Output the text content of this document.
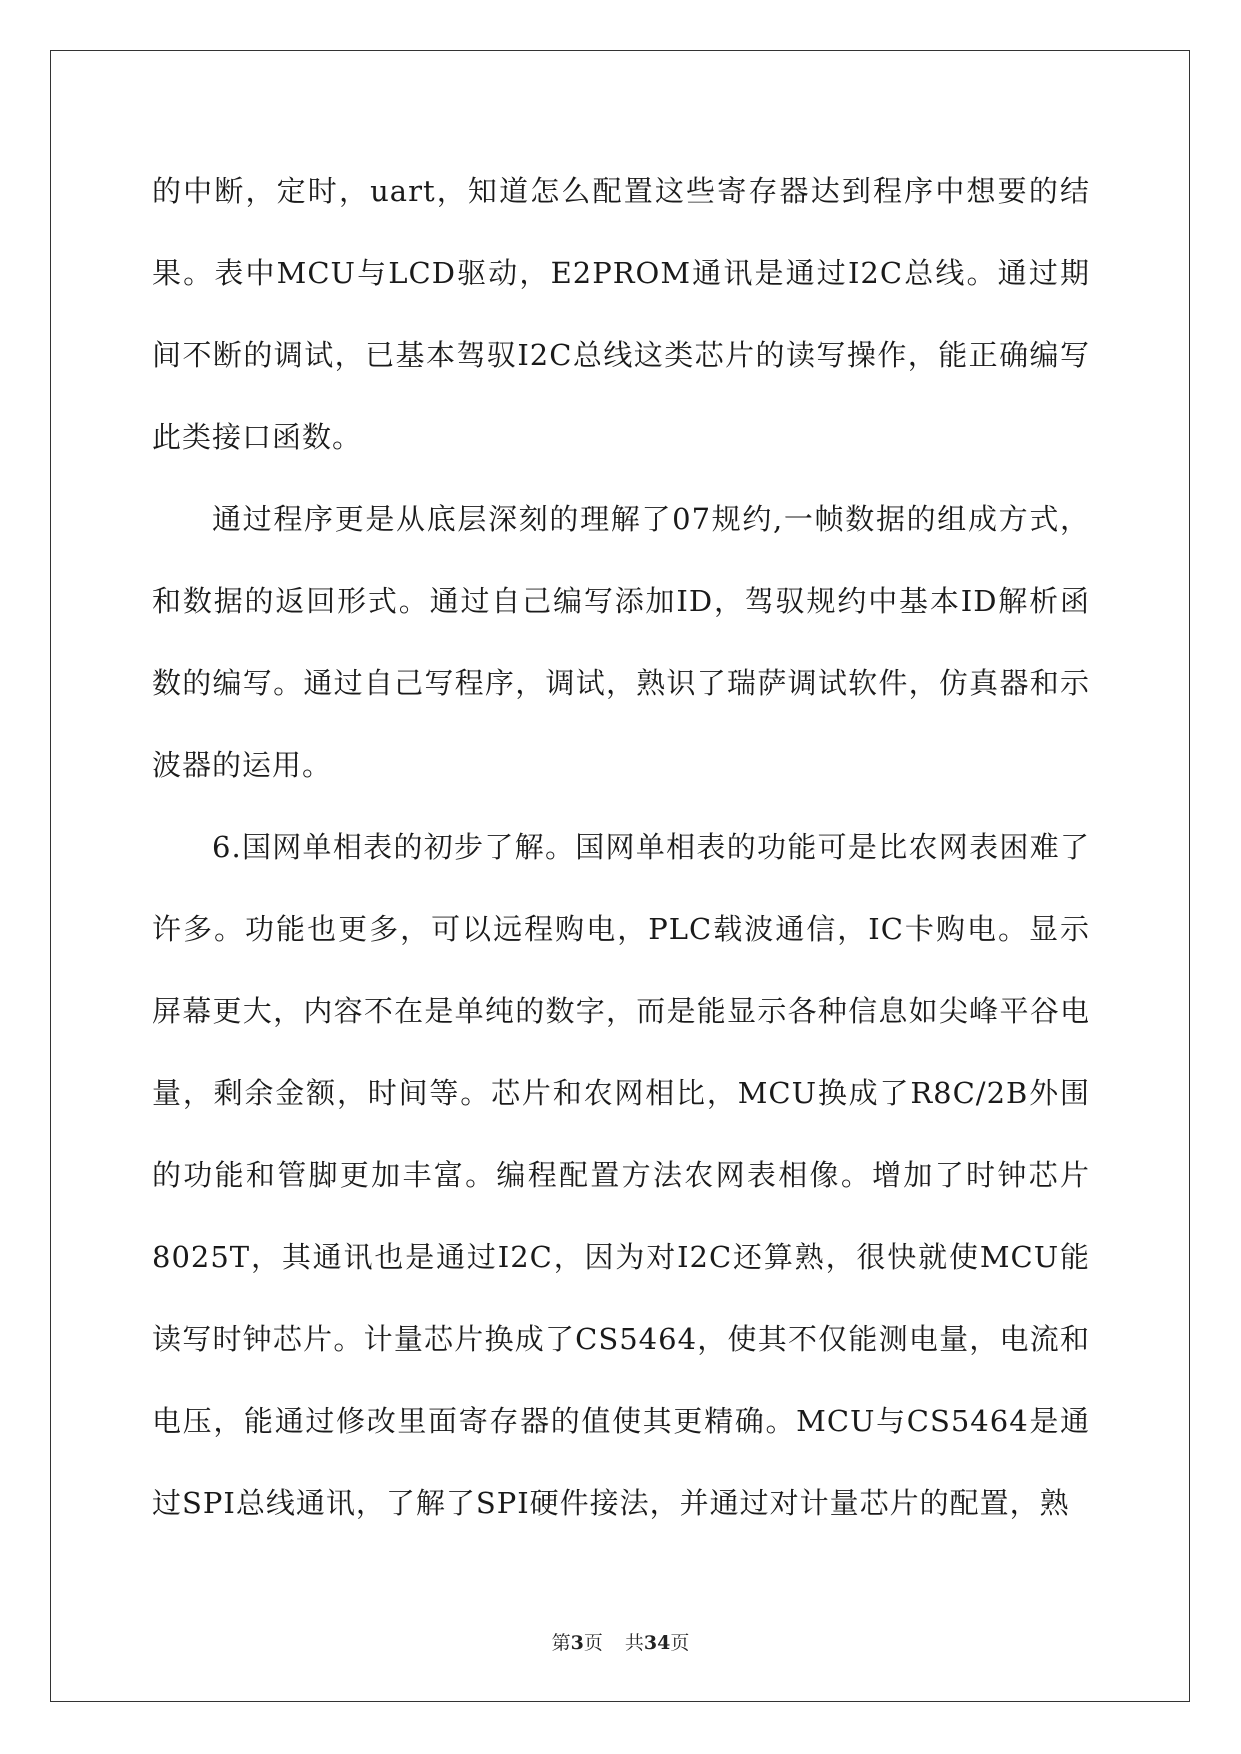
的中断，定时，uart，知道怎么配置这些寄存器达到程序中想要的结果。表中MCU与LCD驱动，E2PROM通讯是通过I2C总线。通过期间不断的调试，已基本驾驭I2C总线这类芯片的读写操作，能正确编写此类接口函数。

通过程序更是从底层深刻的理解了07规约,一帧数据的组成方式，和数据的返回形式。通过自己编写添加ID，驾驭规约中基本ID解析函数的编写。通过自己写程序，调试，熟识了瑞萨调试软件，仿真器和示波器的运用。

6.国网单相表的初步了解。国网单相表的功能可是比农网表困难了许多。功能也更多，可以远程购电，PLC载波通信，IC卡购电。显示屏幕更大，内容不在是单纯的数字，而是能显示各种信息如尖峰平谷电量，剩余金额，时间等。芯片和农网相比，MCU换成了R8C/2B外围的功能和管脚更加丰富。编程配置方法农网表相像。增加了时钟芯片8025T，其通讯也是通过I2C，因为对I2C还算熟，很快就使MCU能读写时钟芯片。计量芯片换成了CS5464，使其不仅能测电量，电流和电压，能通过修改里面寄存器的值使其更精确。MCU与CS5464是通过SPI总线通讯，了解了SPI硬件接法，并通过对计量芯片的配置，熟

第3页 共34页
